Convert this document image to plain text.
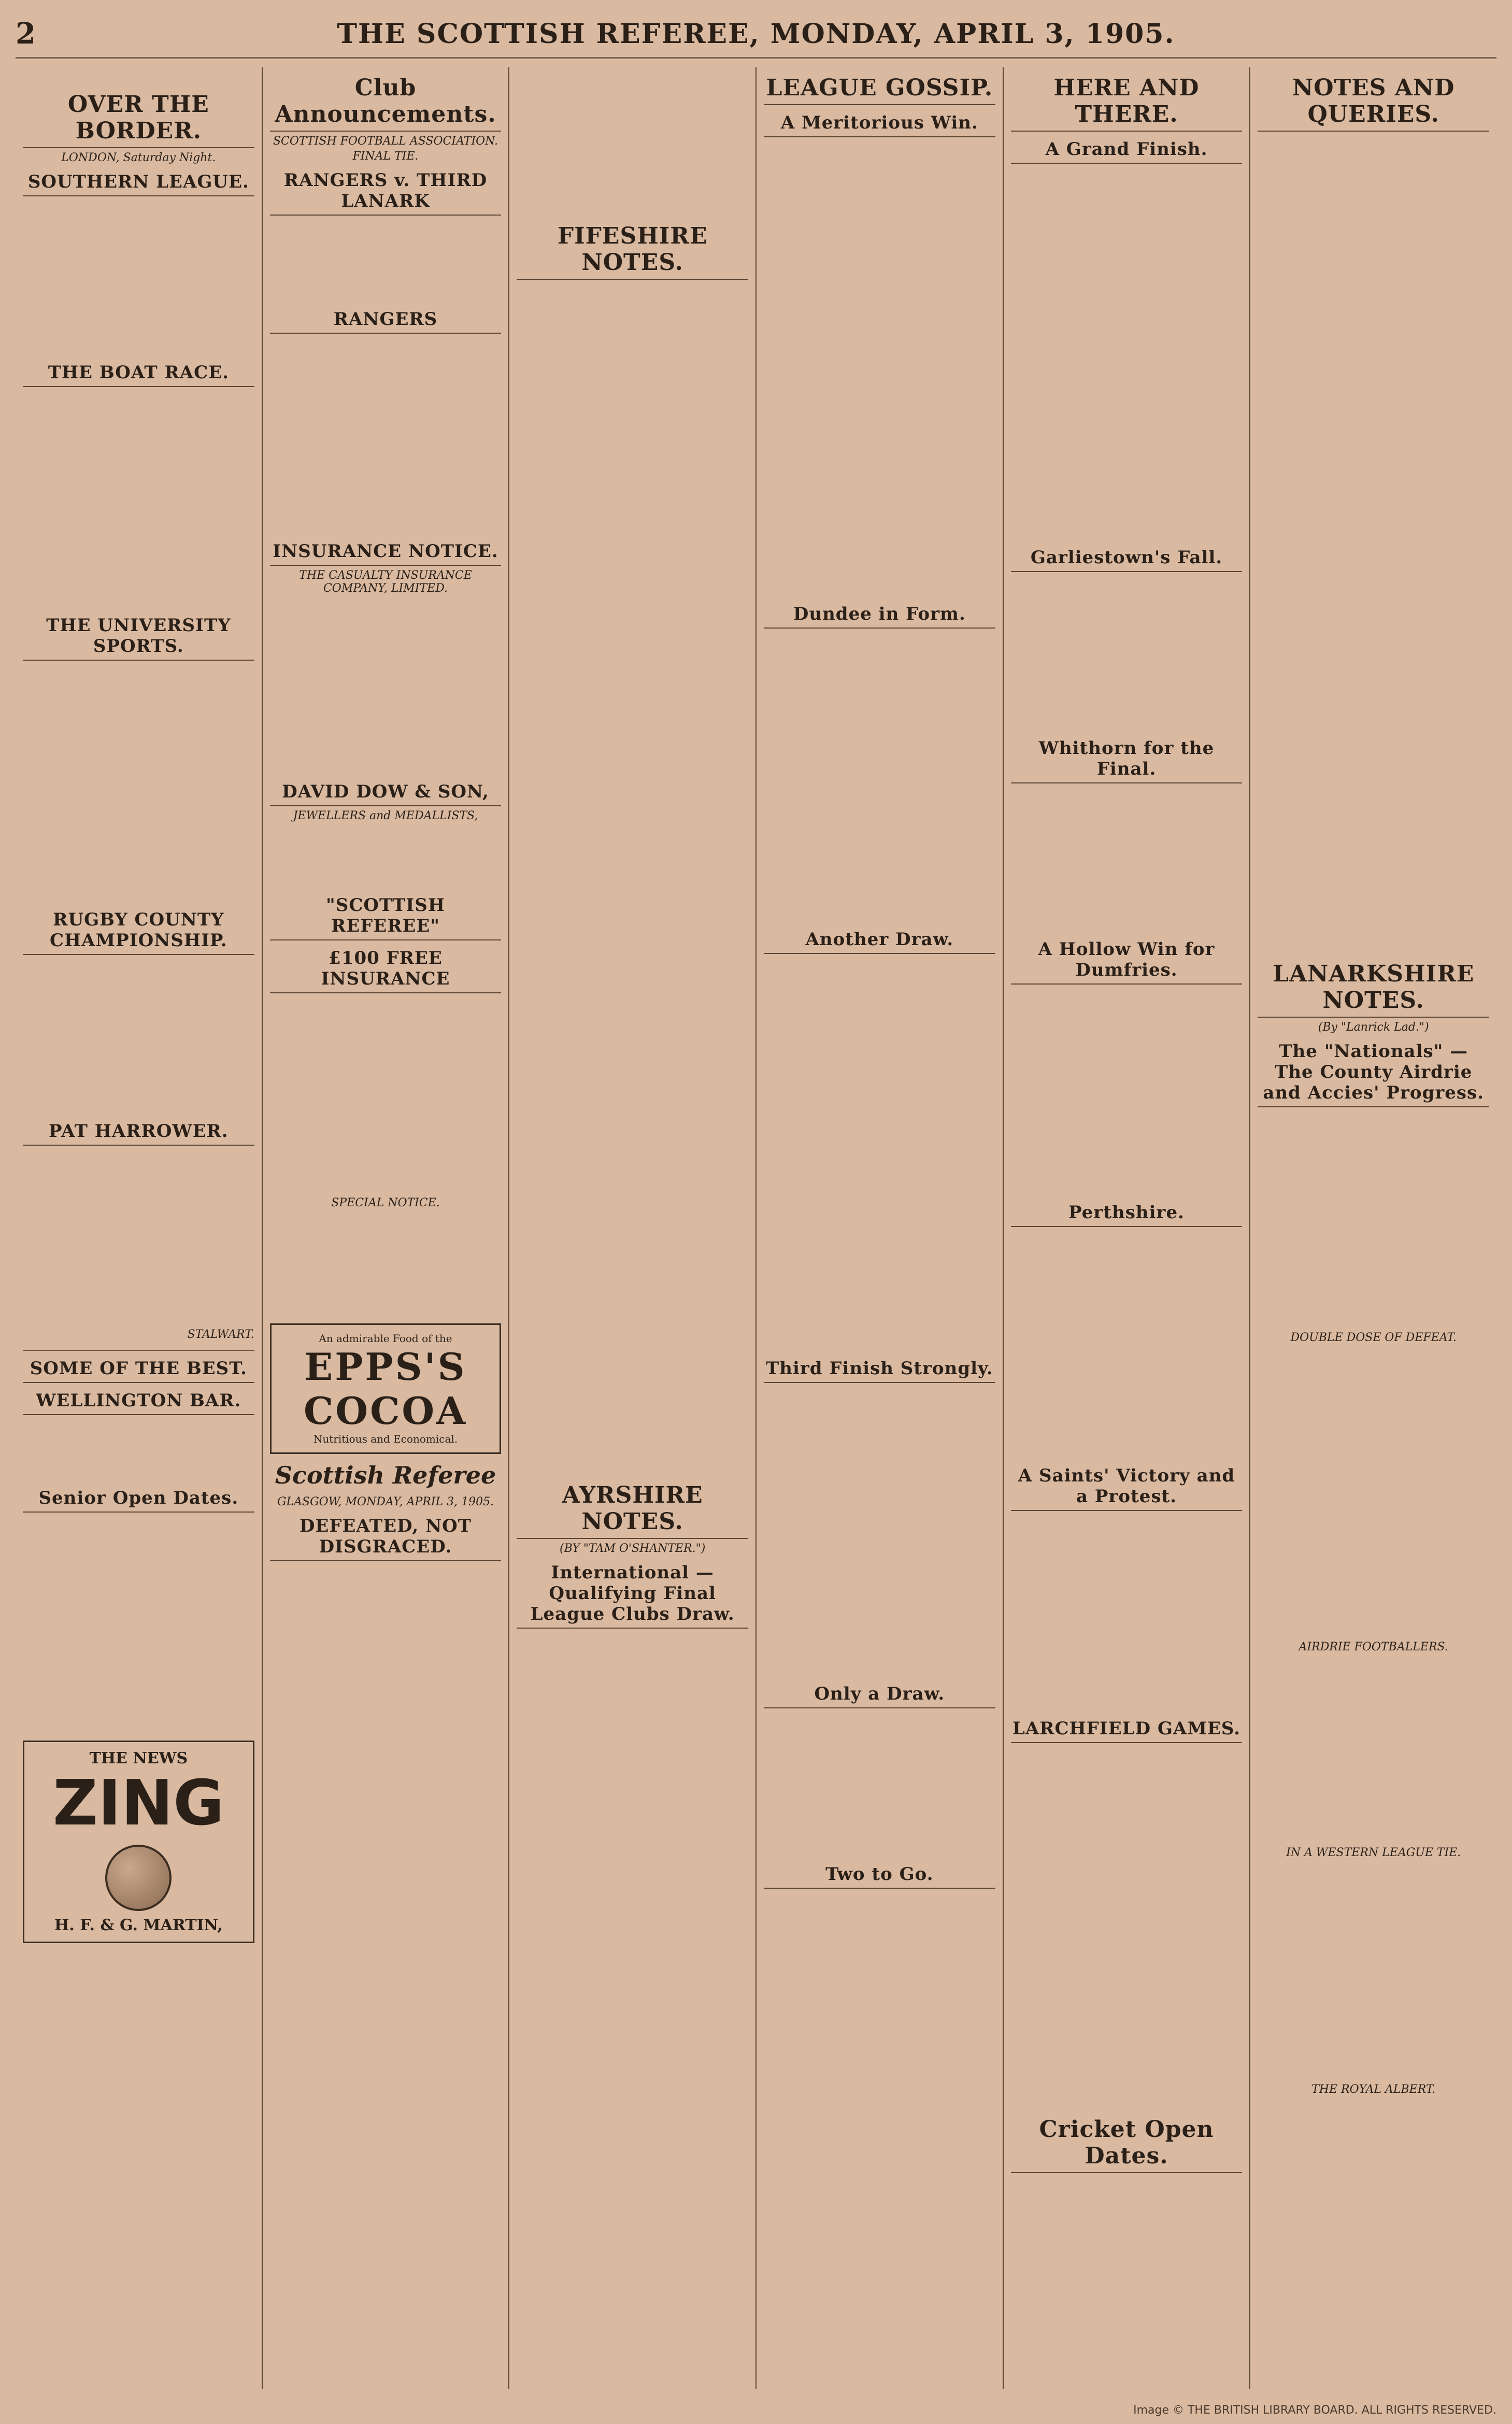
2	THE SCOTTISH REFEREE, MONDAY, APRIL 3, 1905.

OVER THE BORDER.
LONDON, Saturday Night.
SOUTHERN LEAGUE.
THE BOAT RACE.
THE UNIVERSITY SPORTS.
RUGBY COUNTY CHAMPIONSHIP.
PAT HARROWER.
STALWART.
SOME OF THE BEST.
WELLINGTON BAR.
Senior Open Dates.
THE NEWS
ZING
H. F. & G. MARTIN,
Club Announcements.
SCOTTISH FOOTBALL ASSOCIATION.
FINAL TIE.
RANGERS v. THIRD LANARK
RANGERS
INSURANCE NOTICE.
THE CASUALTY INSURANCE COMPANY, LIMITED.
DAVID DOW & SON,
JEWELLERS and MEDALLISTS,
"SCOTTISH REFEREE"
£100 FREE INSURANCE
SPECIAL NOTICE.
An admirable Food of the
EPPS'S
COCOA
Nutritious and Economical.
Scottish Referee
GLASGOW, MONDAY, APRIL 3, 1905.
DEFEATED, NOT DISGRACED.
FIFESHIRE NOTES.
AYRSHIRE NOTES.
(BY "TAM O'SHANTER.")
International — Qualifying Final League Clubs Draw.
LEAGUE GOSSIP.
A Meritorious Win.
Dundee in Form.
Another Draw.
Third Finish Strongly.
Only a Draw.
Two to Go.
HERE AND THERE.
A Grand Finish.
Garliestown's Fall.
Whithorn for the Final.
A Hollow Win for Dumfries.
Perthshire.
A Saints' Victory and a Protest.
LARCHFIELD GAMES.
Cricket Open Dates.
NOTES AND QUERIES.
LANARKSHIRE NOTES.
(By "Lanrick Lad.")
The "Nationals" — The County Airdrie and Accies' Progress.
DOUBLE DOSE OF DEFEAT.
AIRDRIE FOOTBALLERS.
IN A WESTERN LEAGUE TIE.
THE ROYAL ALBERT.
Image © THE BRITISH LIBRARY BOARD. ALL RIGHTS RESERVED.
